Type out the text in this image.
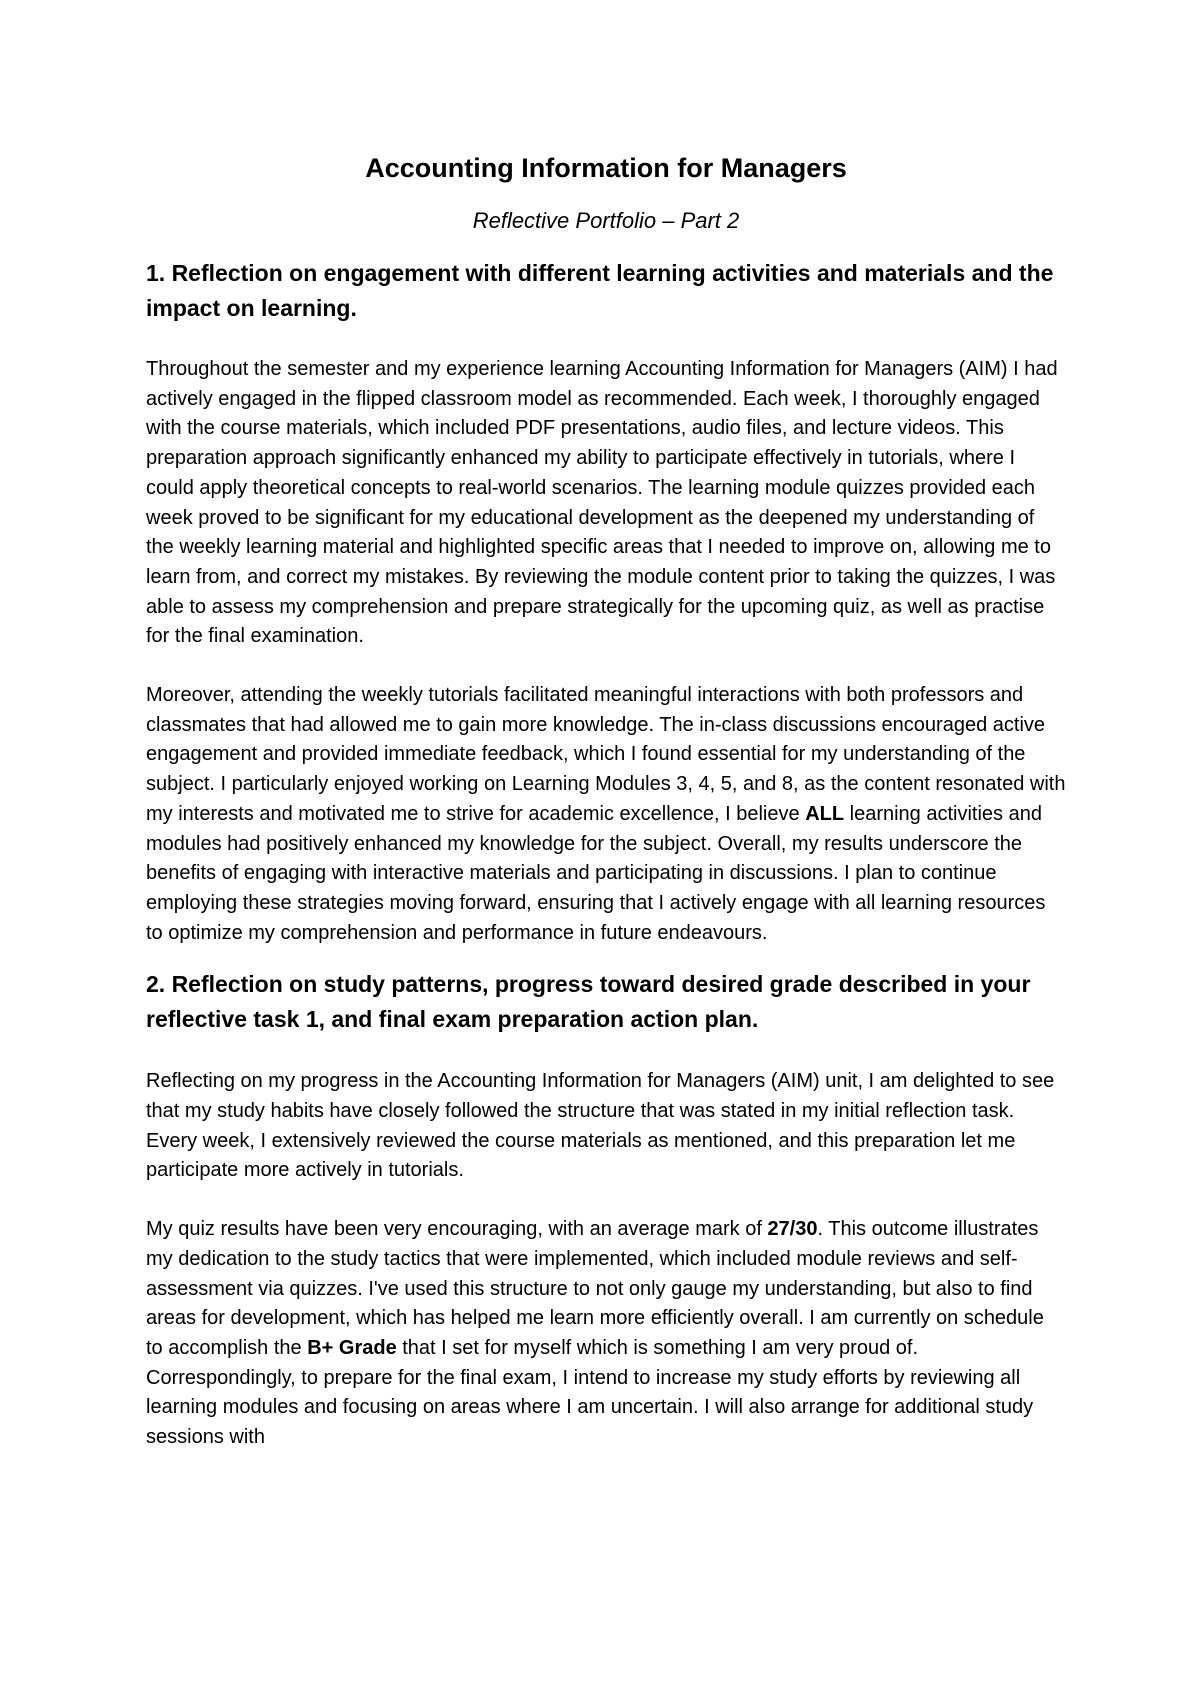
Accounting Information for Managers

Reflective Portfolio – Part 2

1. Reflection on engagement with different learning activities and materials and the impact on learning.

Throughout the semester and my experience learning Accounting Information for Managers (AIM) I had actively engaged in the flipped classroom model as recommended. Each week, I thoroughly engaged with the course materials, which included PDF presentations, audio files, and lecture videos. This preparation approach significantly enhanced my ability to participate effectively in tutorials, where I could apply theoretical concepts to real-world scenarios. The learning module quizzes provided each week proved to be significant for my educational development as the deepened my understanding of the weekly learning material and highlighted specific areas that I needed to improve on, allowing me to learn from, and correct my mistakes. By reviewing the module content prior to taking the quizzes, I was able to assess my comprehension and prepare strategically for the upcoming quiz, as well as practise for the final examination.

Moreover, attending the weekly tutorials facilitated meaningful interactions with both professors and classmates that had allowed me to gain more knowledge. The in-class discussions encouraged active engagement and provided immediate feedback, which I found essential for my understanding of the subject. I particularly enjoyed working on Learning Modules 3, 4, 5, and 8, as the content resonated with my interests and motivated me to strive for academic excellence, I believe ALL learning activities and modules had positively enhanced my knowledge for the subject. Overall, my results underscore the benefits of engaging with interactive materials and participating in discussions. I plan to continue employing these strategies moving forward, ensuring that I actively engage with all learning resources to optimize my comprehension and performance in future endeavours.

2. Reflection on study patterns, progress toward desired grade described in your reflective task 1, and final exam preparation action plan.

Reflecting on my progress in the Accounting Information for Managers (AIM) unit, I am delighted to see that my study habits have closely followed the structure that was stated in my initial reflection task. Every week, I extensively reviewed the course materials as mentioned, and this preparation let me participate more actively in tutorials.

My quiz results have been very encouraging, with an average mark of 27/30. This outcome illustrates my dedication to the study tactics that were implemented, which included module reviews and self-assessment via quizzes. I've used this structure to not only gauge my understanding, but also to find areas for development, which has helped me learn more efficiently overall. I am currently on schedule to accomplish the B+ Grade that I set for myself which is something I am very proud of. Correspondingly, to prepare for the final exam, I intend to increase my study efforts by reviewing all learning modules and focusing on areas where I am uncertain. I will also arrange for additional study sessions with
